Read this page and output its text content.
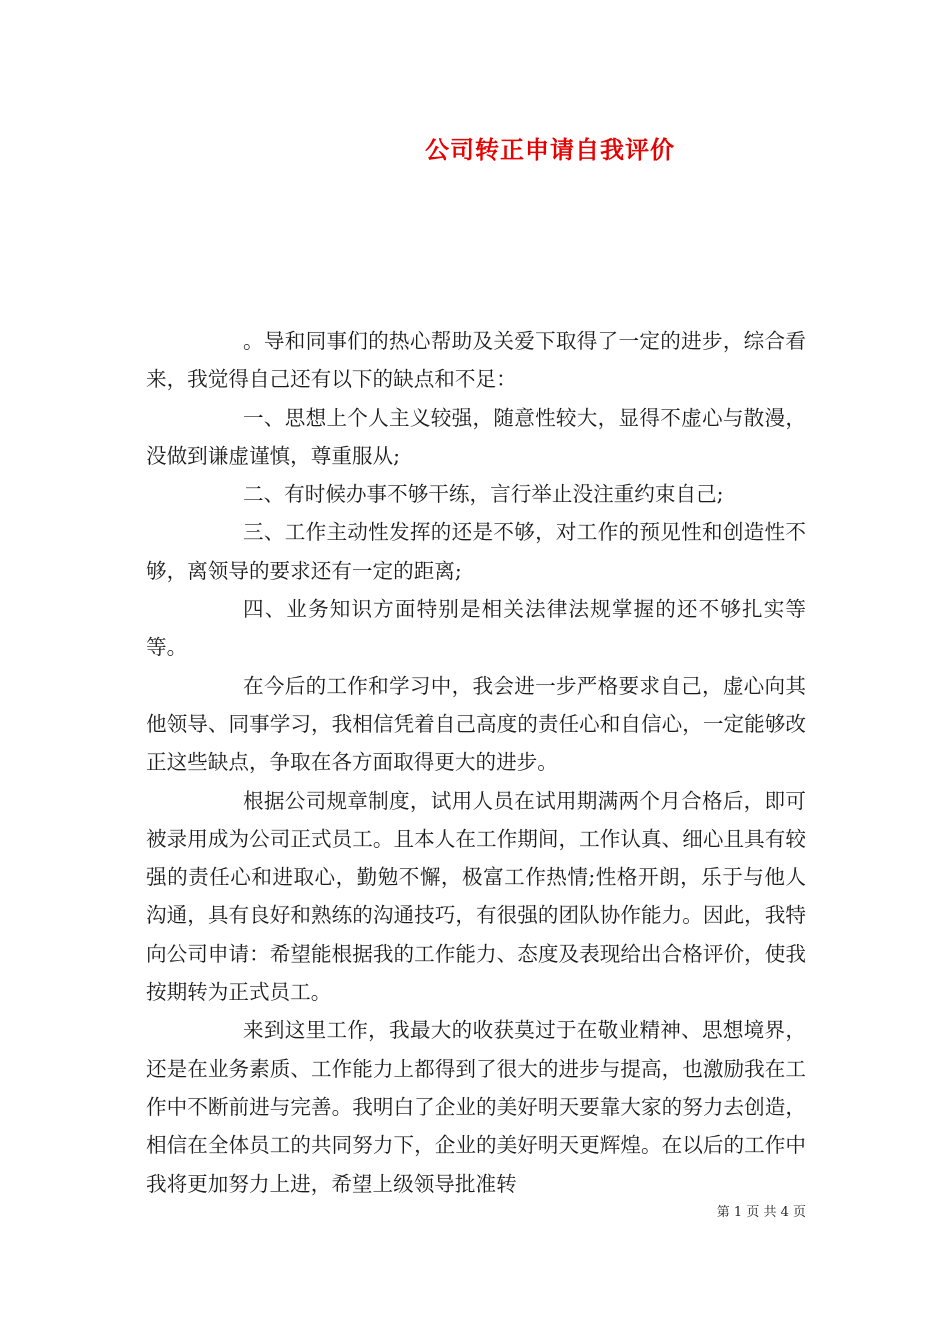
公司转正申请自我评价

。导和同事们的热心帮助及关爱下取得了一定的进步，综合看来，我觉得自己还有以下的缺点和不足：

一、思想上个人主义较强，随意性较大，显得不虚心与散漫，没做到谦虚谨慎，尊重服从;

二、有时候办事不够干练，言行举止没注重约束自己;

三、工作主动性发挥的还是不够，对工作的预见性和创造性不够，离领导的要求还有一定的距离;

四、业务知识方面特别是相关法律法规掌握的还不够扎实等等。

在今后的工作和学习中，我会进一步严格要求自己，虚心向其他领导、同事学习，我相信凭着自己高度的责任心和自信心，一定能够改正这些缺点，争取在各方面取得更大的进步。

根据公司规章制度，试用人员在试用期满两个月合格后，即可被录用成为公司正式员工。且本人在工作期间，工作认真、细心且具有较强的责任心和进取心，勤勉不懈，极富工作热情;性格开朗，乐于与他人沟通，具有良好和熟练的沟通技巧，有很强的团队协作能力。因此，我特向公司申请：希望能根据我的工作能力、态度及表现给出合格评价，使我按期转为正式员工。

来到这里工作，我最大的收获莫过于在敬业精神、思想境界，还是在业务素质、工作能力上都得到了很大的进步与提高，也激励我在工作中不断前进与完善。我明白了企业的美好明天要靠大家的努力去创造，相信在全体员工的共同努力下，企业的美好明天更辉煌。在以后的工作中我将更加努力上进，希望上级领导批准转

第 1 页 共 4 页
